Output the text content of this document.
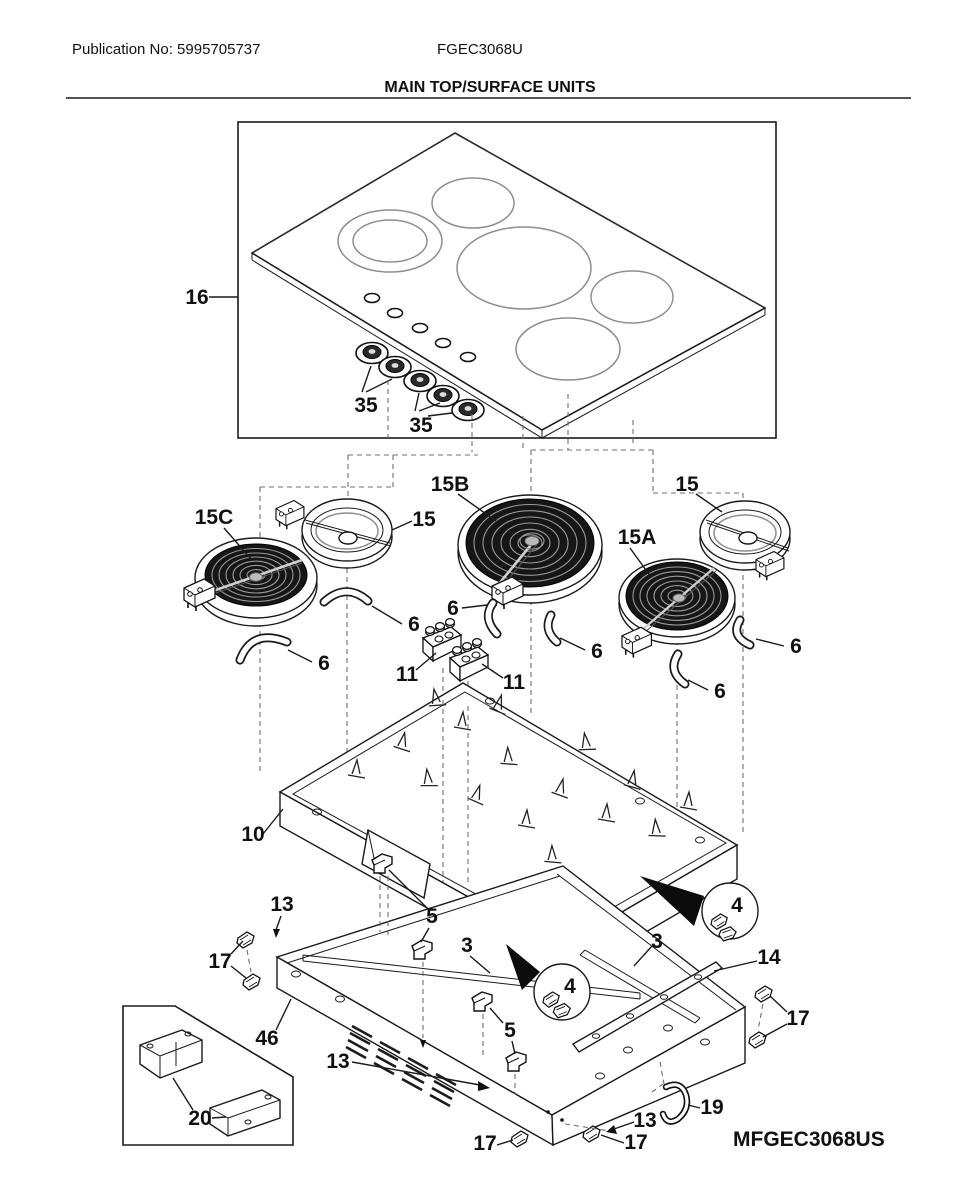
Publication No: 5995705737	FGEC3068U
MAIN TOP/SURFACE UNITS
16
35
35
15C	15
15B
15A
15
6
6
6
6	6
6
11	11
10
13
13
13
5
5
3	3
4
4
14
17
17
17	17
46
19
20
MFGEC3068US
